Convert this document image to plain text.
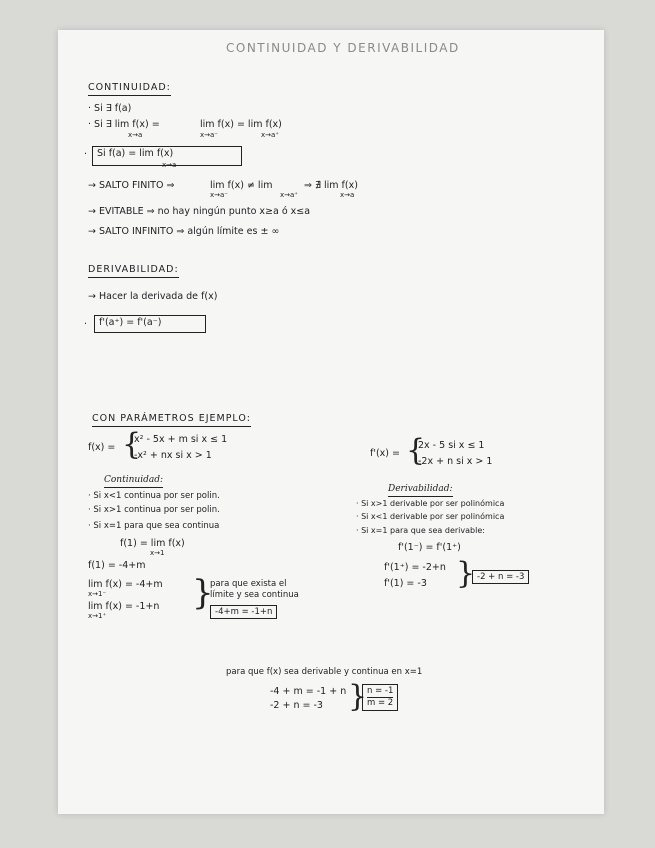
CONTINUIDAD Y DERIVABILIDAD
CONTINUIDAD:
· Si ∃ f(a)
· Si ∃ lim f(x) =
x→a
lim f(x) = lim f(x)
x→a⁻	x→a⁺
·	Si f(a) = lim f(x)
x→a
→ SALTO FINITO ⇒	lim f(x) ≠ lim
x→a⁻	x→a⁺
⇒ ∄ lim f(x)
x→a
→ EVITABLE ⇒ no hay ningún punto x≥a ó x≤a
→ SALTO INFINITO ⇒ algún límite es ± ∞
DERIVABILIDAD:
→ Hacer la derivada de f(x)
·	f'(a⁺) = f'(a⁻)
CON PARÁMETROS EJEMPLO:
f(x) = {
x² - 5x + m si x ≤ 1
-x² + nx si x > 1	f'(x) = {
2x - 5 si x ≤ 1
-2x + n si x > 1
Continuidad:
· Si x<1 continua por ser polin.
· Si x>1 continua por ser polin.
· Si x=1 para que sea continua
f(1) = lim f(x)
x→1
f(1) = -4+m
lim f(x) = -4+m
x→1⁻
lim f(x) = -1+n
x→1⁺
}
para que exista el
límite y sea continua
-4+m = -1+n
Derivabilidad:
· Si x>1 derivable por ser polinómica
· Si x<1 derivable por ser polinómica
· Si x=1 para que sea derivable:
f'(1⁻) = f'(1⁺)
f'(1⁺) = -2+n
f'(1) = -3 } -2 + n = -3
para que f(x) sea derivable y continua en x=1
-4 + m = -1 + n
-2 + n = -3 } n = -1
m = 2
